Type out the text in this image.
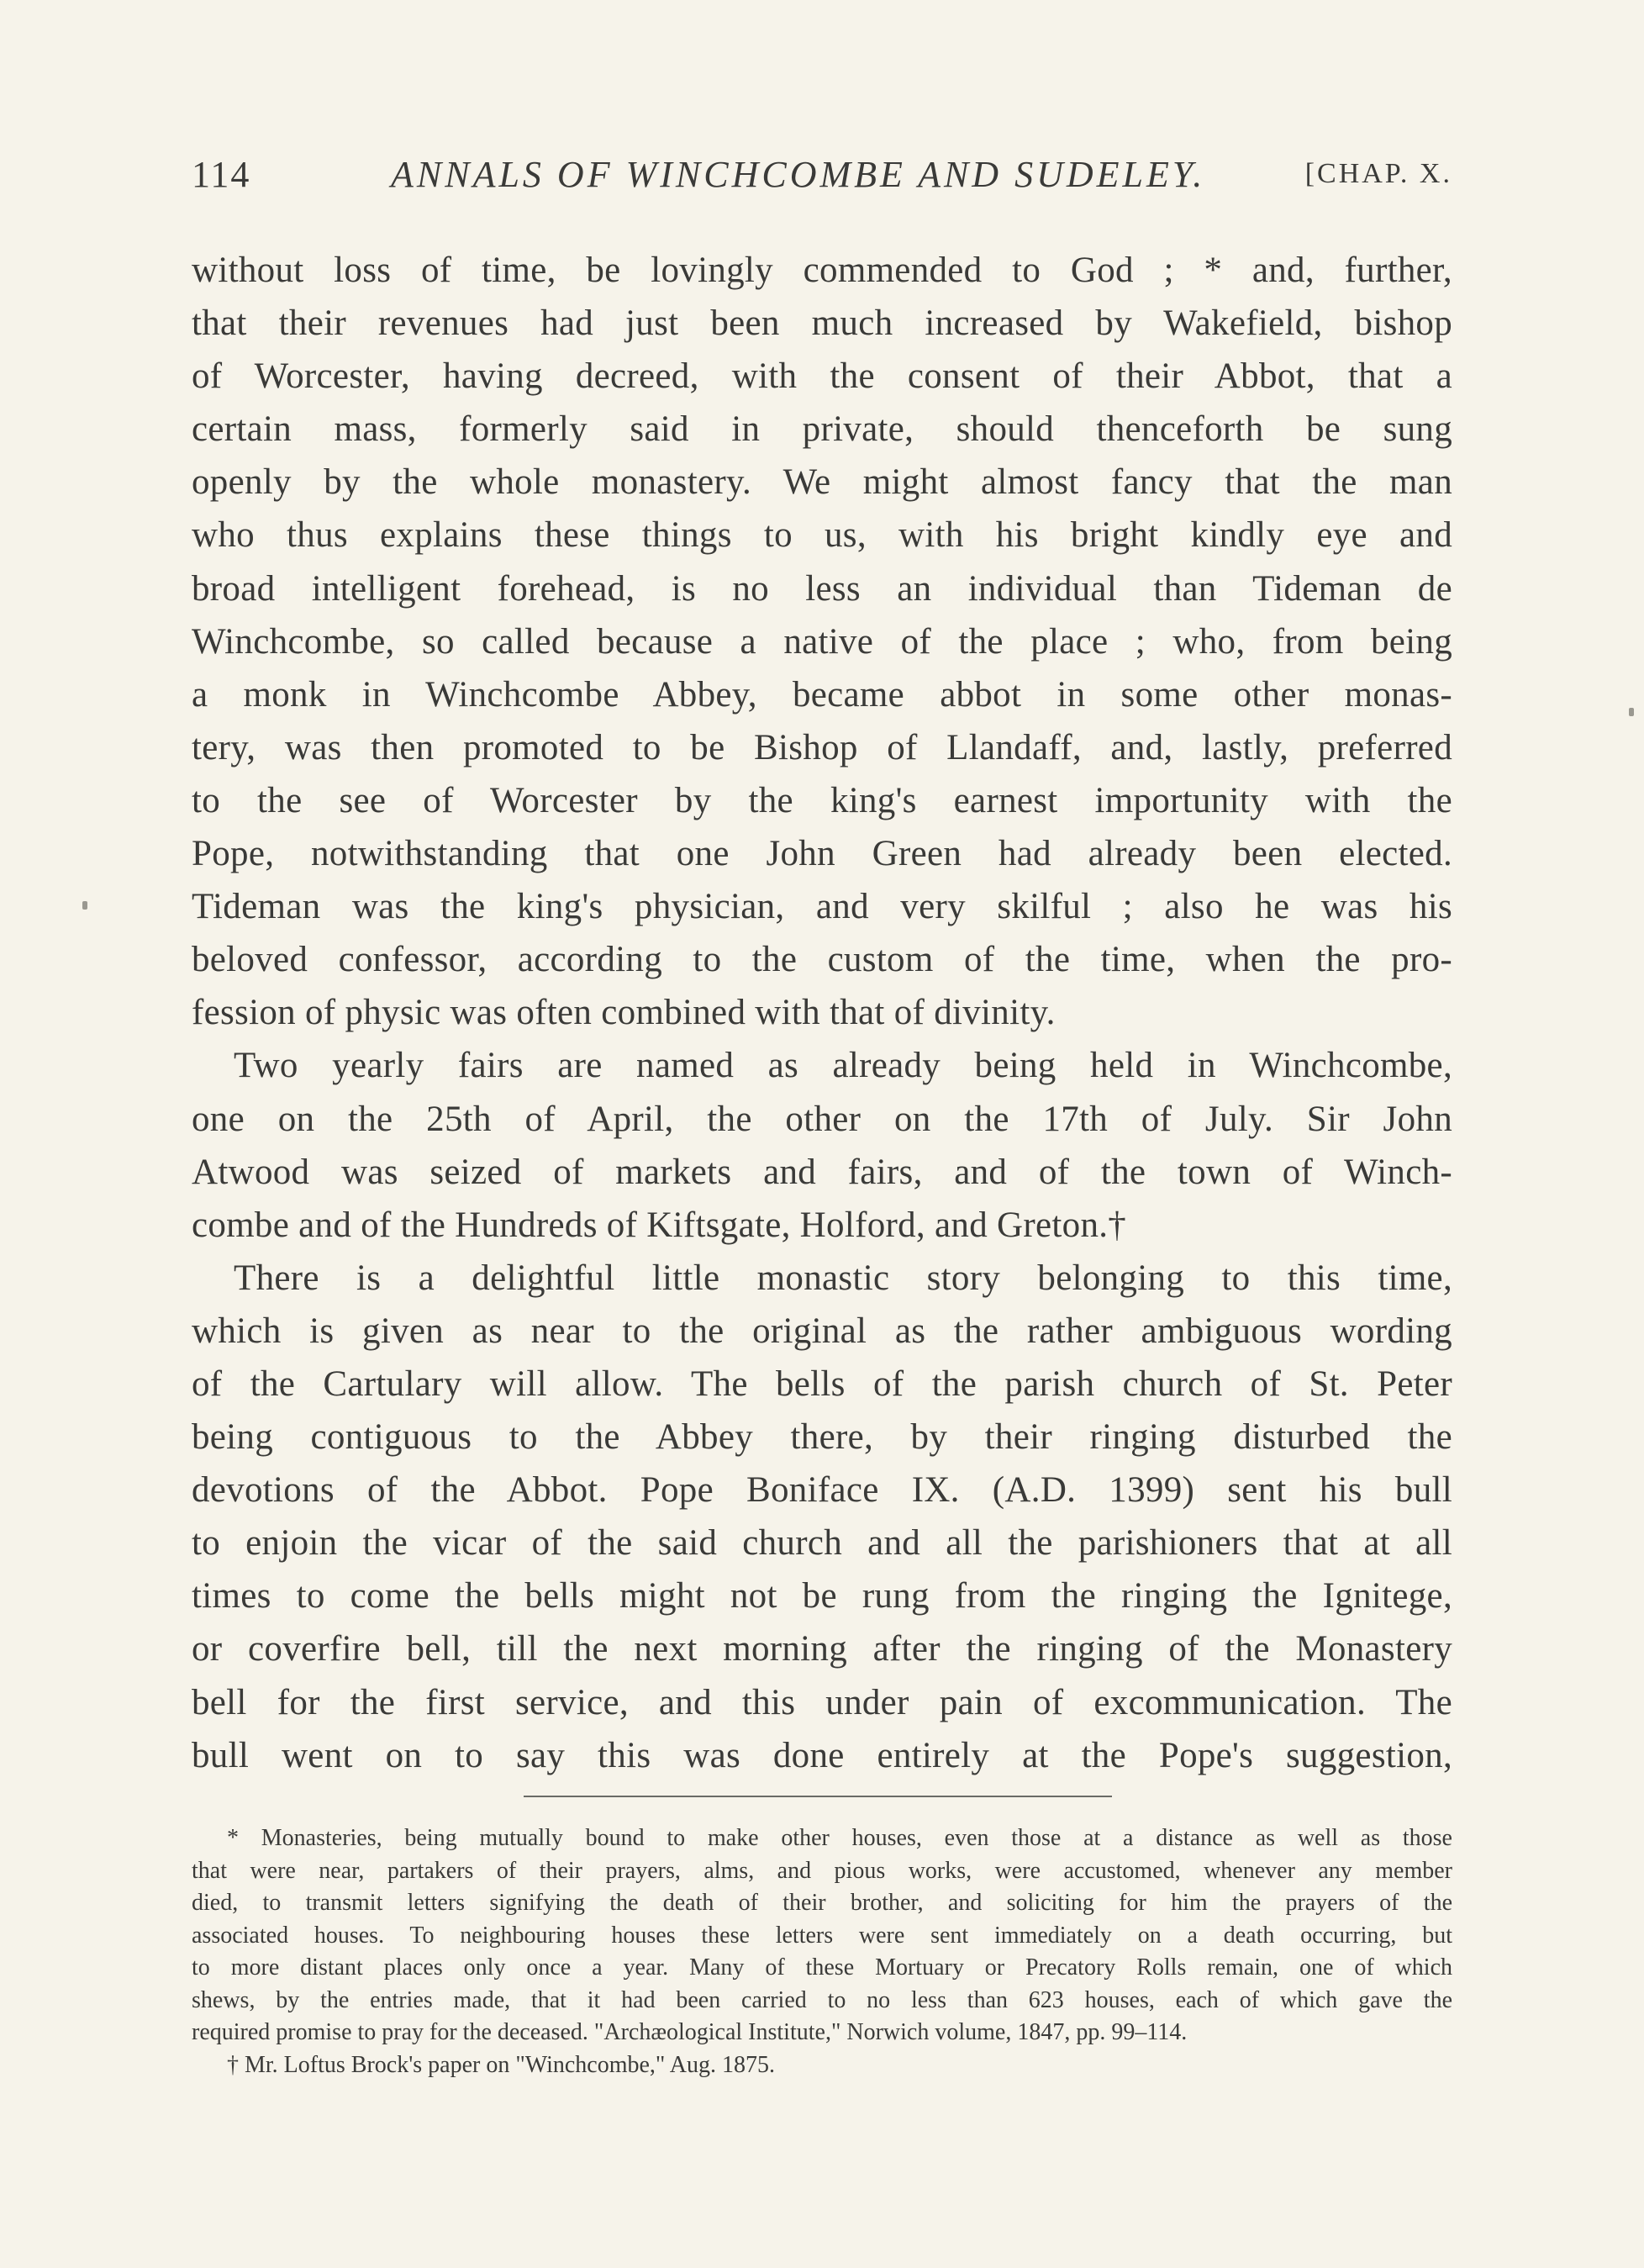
114	ANNALS OF WINCHCOMBE AND SUDELEY.	[CHAP. X.
without loss of time, be lovingly commended to God ; * and, further,
that their revenues had just been much increased by Wakefield, bishop
of Worcester, having decreed, with the consent of their Abbot, that a
certain mass, formerly said in private, should thenceforth be sung
openly by the whole monastery. We might almost fancy that the man
who thus explains these things to us, with his bright kindly eye and
broad intelligent forehead, is no less an individual than Tideman de
Winchcombe, so called because a native of the place ; who, from being
a monk in Winchcombe Abbey, became abbot in some other monas-
tery, was then promoted to be Bishop of Llandaff, and, lastly, preferred
to the see of Worcester by the king's earnest importunity with the
Pope, notwithstanding that one John Green had already been elected.
Tideman was the king's physician, and very skilful ; also he was his
beloved confessor, according to the custom of the time, when the pro-
fession of physic was often combined with that of divinity.
Two yearly fairs are named as already being held in Winchcombe,
one on the 25th of April, the other on the 17th of July. Sir John
Atwood was seized of markets and fairs, and of the town of Winch-
combe and of the Hundreds of Kiftsgate, Holford, and Greton.†
There is a delightful little monastic story belonging to this time,
which is given as near to the original as the rather ambiguous wording
of the Cartulary will allow. The bells of the parish church of St. Peter
being contiguous to the Abbey there, by their ringing disturbed the
devotions of the Abbot. Pope Boniface IX. (A.D. 1399) sent his bull
to enjoin the vicar of the said church and all the parishioners that at all
times to come the bells might not be rung from the ringing the Ignitege,
or coverfire bell, till the next morning after the ringing of the Monastery
bell for the first service, and this under pain of excommunication. The
bull went on to say this was done entirely at the Pope's suggestion,
* Monasteries, being mutually bound to make other houses, even those at a distance as well as those
that were near, partakers of their prayers, alms, and pious works, were accustomed, whenever any member
died, to transmit letters signifying the death of their brother, and soliciting for him the prayers of the
associated houses. To neighbouring houses these letters were sent immediately on a death occurring, but
to more distant places only once a year. Many of these Mortuary or Precatory Rolls remain, one of which
shews, by the entries made, that it had been carried to no less than 623 houses, each of which gave the
required promise to pray for the deceased. "Archæological Institute," Norwich volume, 1847, pp. 99–114.
† Mr. Loftus Brock's paper on "Winchcombe," Aug. 1875.
